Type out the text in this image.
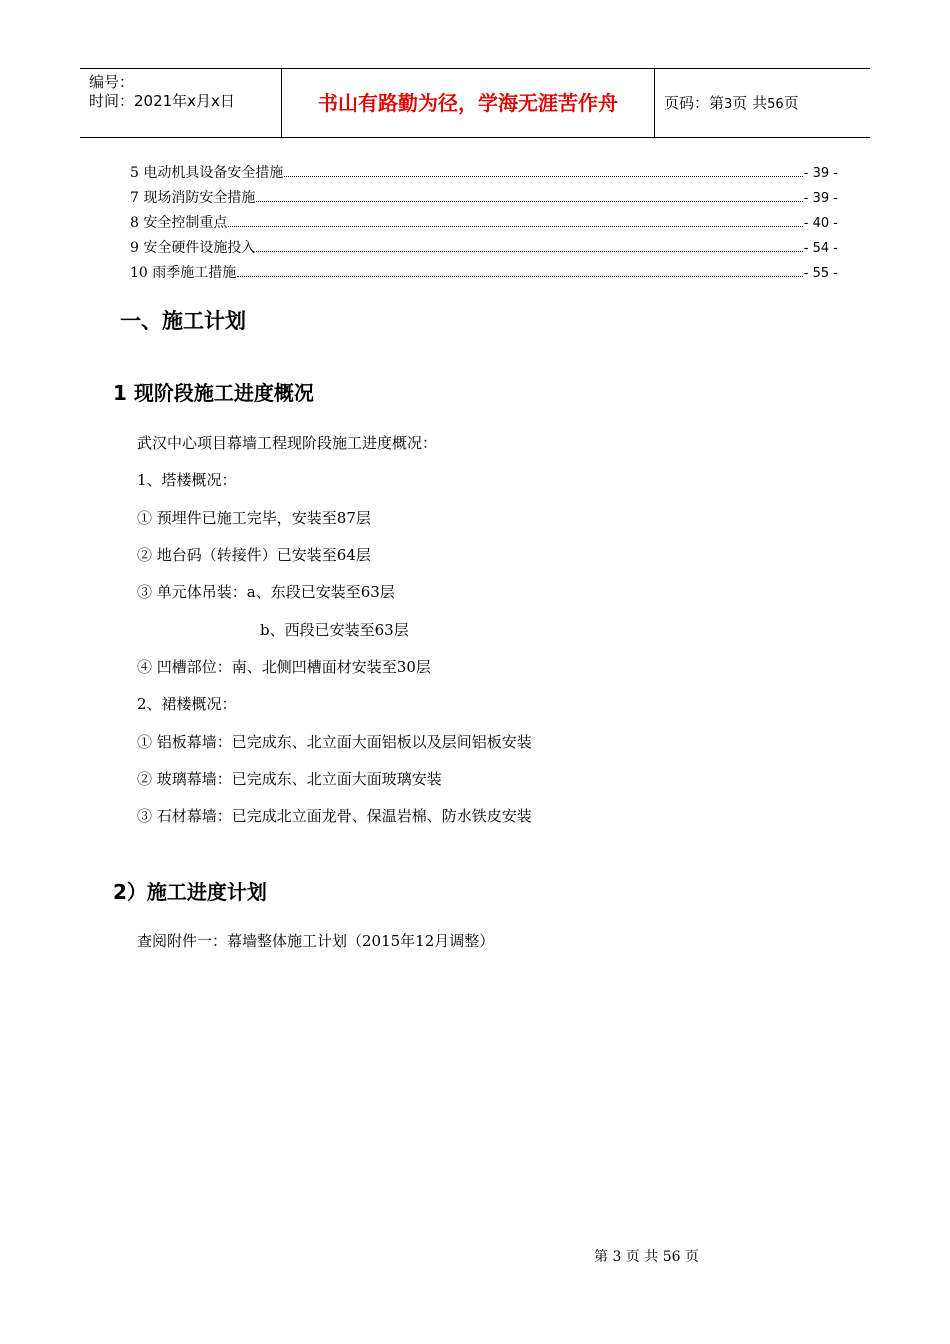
编号：
时间：2021年x月x日	书山有路勤为径，学海无涯苦作舟	页码：第3页 共56页
5 电动机具设备安全措施	- 39 -
7 现场消防安全措施	- 39 -
8 安全控制重点	- 40 -
9 安全硬件设施投入	- 54 -
10 雨季施工措施	- 55 -
一、施工计划
1 现阶段施工进度概况
武汉中心项目幕墙工程现阶段施工进度概况：
1、塔楼概况：
① 预埋件已施工完毕，安装至87层
② 地台码（转接件）已安装至64层
③ 单元体吊装：a、东段已安装至63层
b、西段已安装至63层
④ 凹槽部位：南、北侧凹槽面材安装至30层
2、裙楼概况：
① 铝板幕墙：已完成东、北立面大面铝板以及层间铝板安装
② 玻璃幕墙：已完成东、北立面大面玻璃安装
③ 石材幕墙：已完成北立面龙骨、保温岩棉、防水铁皮安装
2）施工进度计划
查阅附件一：幕墙整体施工计划（2015年12月调整）
第 3 页 共 56 页
